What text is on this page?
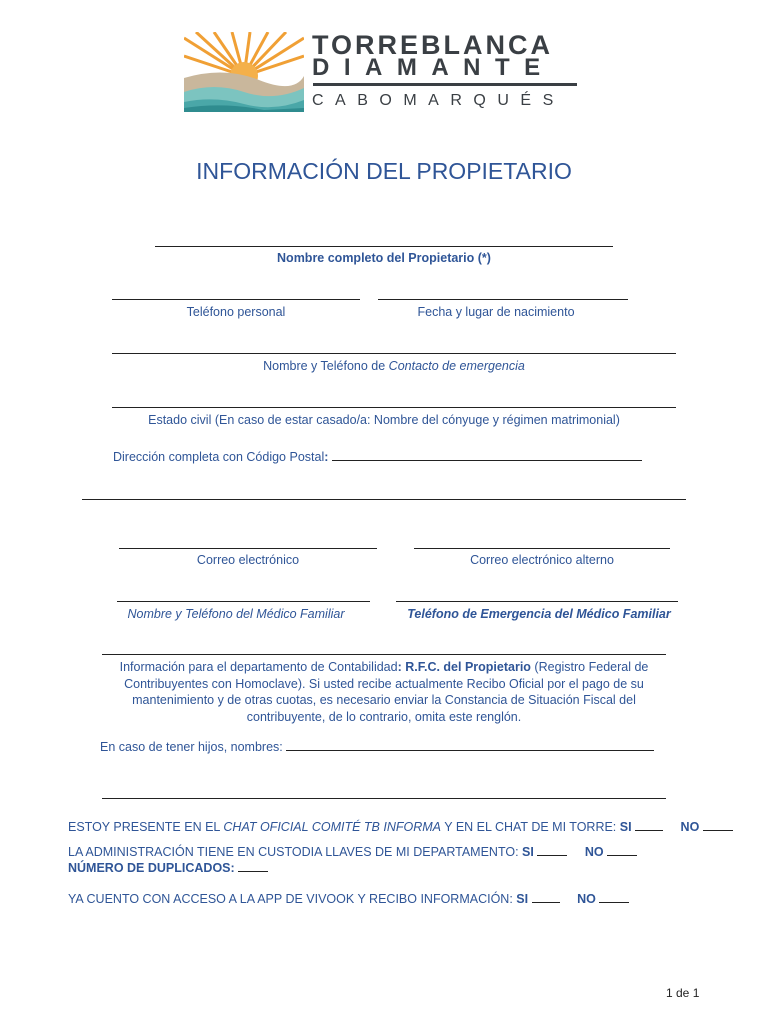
TORREBLANCA
DIAMANTE
CABOMARQUÉS
INFORMACIÓN DEL PROPIETARIO
Nombre completo del Propietario (*)
Teléfono personal	Fecha y lugar de nacimiento
Nombre y Teléfono de Contacto de emergencia
Estado civil (En caso de estar casado/a: Nombre del cónyuge y régimen matrimonial)
Dirección completa con Código Postal:
Correo electrónico	Correo electrónico alterno
Nombre y Teléfono del Médico Familiar	Teléfono de Emergencia del Médico Familiar
Información para el departamento de Contabilidad: R.F.C. del Propietario (Registro Federal de Contribuyentes con Homoclave). Si usted recibe actualmente Recibo Oficial por el pago de su mantenimiento y de otras cuotas, es necesario enviar la Constancia de Situación Fiscal del contribuyente, de lo contrario, omita este renglón.
En caso de tener hijos, nombres:
ESTOY PRESENTE EN EL CHAT OFICIAL COMITÉ TB INFORMA Y EN EL CHAT DE MI TORRE: SI	NO
LA ADMINISTRACIÓN TIENE EN CUSTODIA LLAVES DE MI DEPARTAMENTO: SI	NO
NÚMERO DE DUPLICADOS:
YA CUENTO CON ACCESO A LA APP DE VIVOOK Y RECIBO INFORMACIÓN: SI	NO
1 de 1
